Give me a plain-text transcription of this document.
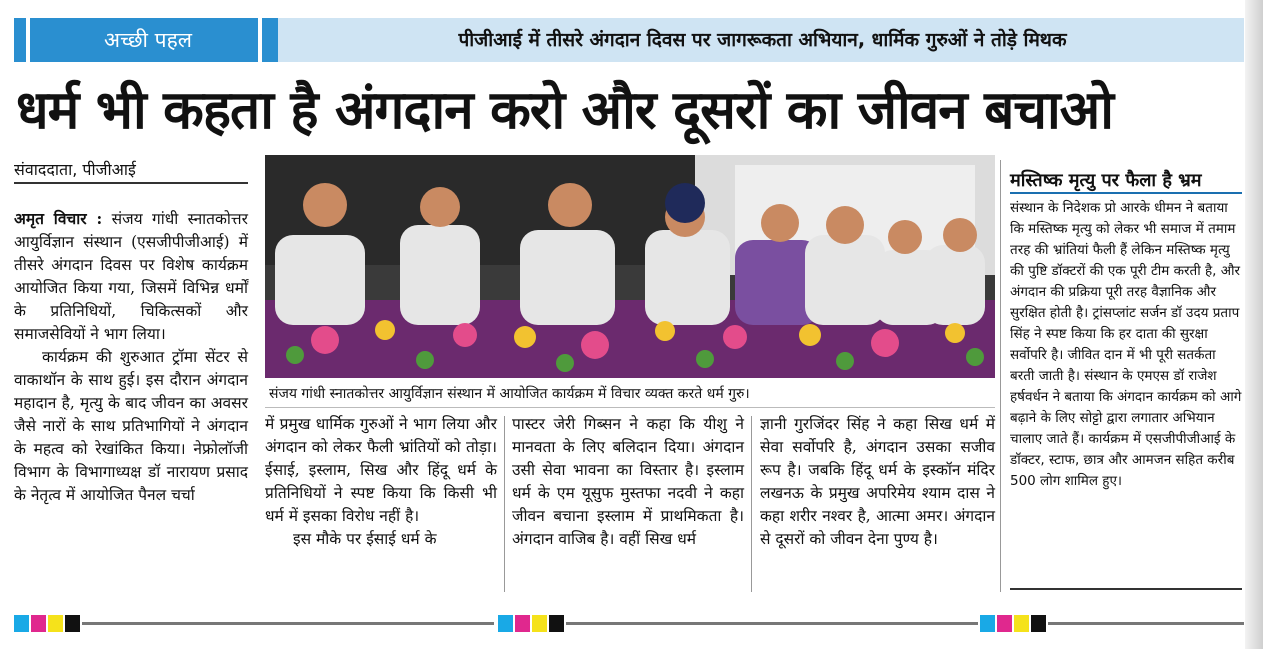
अच्छी पहल	पीजीआई में तीसरे अंगदान दिवस पर जागरूकता अभियान, धार्मिक गुरुओं ने तोड़े मिथक
धर्म भी कहता है अंगदान करो और दूसरों का जीवन बचाओ
संवाददाता, पीजीआई

अमृत विचार : संजय गांधी स्नातकोत्तर आयुर्विज्ञान संस्थान (एसजीपीजीआई) में तीसरे अंगदान दिवस पर विशेष कार्यक्रम आयोजित किया गया, जिसमें विभिन्न धर्मों के प्रतिनिधियों, चिकित्सकों और समाजसेवियों ने भाग लिया।

कार्यक्रम की शुरुआत ट्रॉमा सेंटर से वाकाथॉन के साथ हुई। इस दौरान अंगदान महादान है, मृत्यु के बाद जीवन का अवसर जैसे नारों के साथ प्रतिभागियों ने अंगदान के महत्व को रेखांकित किया। नेफ्रोलॉजी विभाग के विभागाध्यक्ष डॉ नारायण प्रसाद के नेतृत्व में आयोजित पैनल चर्चा

संजय गांधी स्नातकोत्तर आयुर्विज्ञान संस्थान में आयोजित कार्यक्रम में विचार व्यक्त करते धर्म गुरु।

में प्रमुख धार्मिक गुरुओं ने भाग लिया और अंगदान को लेकर फैली भ्रांतियों को तोड़ा। ईसाई, इस्लाम, सिख और हिंदू धर्म के प्रतिनिधियों ने स्पष्ट किया कि किसी भी धर्म में इसका विरोध नहीं है।

इस मौके पर ईसाई धर्म के

पास्टर जेरी गिब्सन ने कहा कि यीशु ने मानवता के लिए बलिदान दिया। अंगदान उसी सेवा भावना का विस्तार है। इस्लाम धर्म के एम यूसुफ मुस्तफा नदवी ने कहा जीवन बचाना इस्लाम में प्राथमिकता है। अंगदान वाजिब है। वहीं सिख धर्म

ज्ञानी गुरजिंदर सिंह ने कहा सिख धर्म में सेवा सर्वोपरि है, अंगदान उसका सजीव रूप है। जबकि हिंदू धर्म के इस्कॉन मंदिर लखनऊ के प्रमुख अपरिमेय श्याम दास ने कहा शरीर नश्वर है, आत्मा अमर। अंगदान से दूसरों को जीवन देना पुण्य है।

मस्तिष्क मृत्यु पर फैला है भ्रम
संस्थान के निदेशक प्रो आरके धीमन ने बताया कि मस्तिष्क मृत्यु को लेकर भी समाज में तमाम तरह की भ्रांतियां फैली हैं लेकिन मस्तिष्क मृत्यु की पुष्टि डॉक्टरों की एक पूरी टीम करती है, और अंगदान की प्रक्रिया पूरी तरह वैज्ञानिक और सुरक्षित होती है। ट्रांसप्लांट सर्जन डॉ उदय प्रताप सिंह ने स्पष्ट किया कि हर दाता की सुरक्षा सर्वोपरि है। जीवित दान में भी पूरी सतर्कता बरती जाती है। संस्थान के एमएस डॉ राजेश हर्षवर्धन ने बताया कि अंगदान कार्यक्रम को आगे बढ़ाने के लिए सोट्टो द्वारा लगातार अभियान चालाए जाते हैं। कार्यक्रम में एसजीपीजीआई के डॉक्टर, स्टाफ, छात्र और आमजन सहित करीब 500 लोग शामिल हुए।
